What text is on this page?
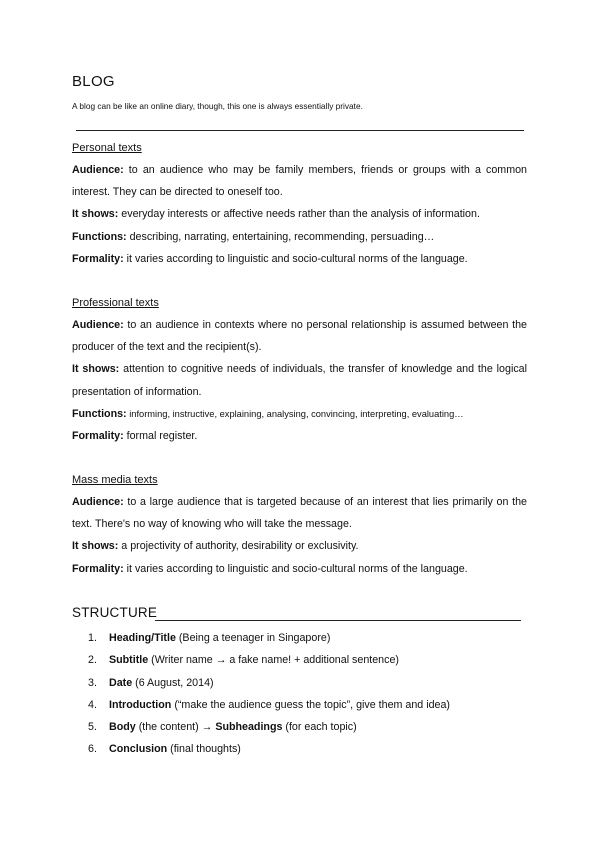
BLOG
A blog can be like an online diary, though, this one is always essentially private.
Personal texts

Audience: to an audience who may be family members, friends or groups with a common interest. They can be directed to oneself too.

It shows: everyday interests or affective needs rather than the analysis of information.

Functions: describing, narrating, entertaining, recommending, persuading…

Formality: it varies according to linguistic and socio-cultural norms of the language.

Professional texts

Audience: to an audience in contexts where no personal relationship is assumed between the producer of the text and the recipient(s).

It shows: attention to cognitive needs of individuals, the transfer of knowledge and the logical presentation of information.

Functions: informing, instructive, explaining, analysing, convincing, interpreting, evaluating…

Formality: formal register.

Mass media texts

Audience: to a large audience that is targeted because of an interest that lies primarily on the text. There's no way of knowing who will take the message.

It shows: a projectivity of authority, desirability or exclusivity.

Formality: it varies according to linguistic and socio-cultural norms of the language.

STRUCTURE
1. Heading/Title (Being a teenager in Singapore)
2. Subtitle (Writer name → a fake name! + additional sentence)
3. Date (6 August, 2014)
4. Introduction (“make the audience guess the topic”, give them and idea)
5. Body (the content) → Subheadings (for each topic)
6. Conclusion (final thoughts)
